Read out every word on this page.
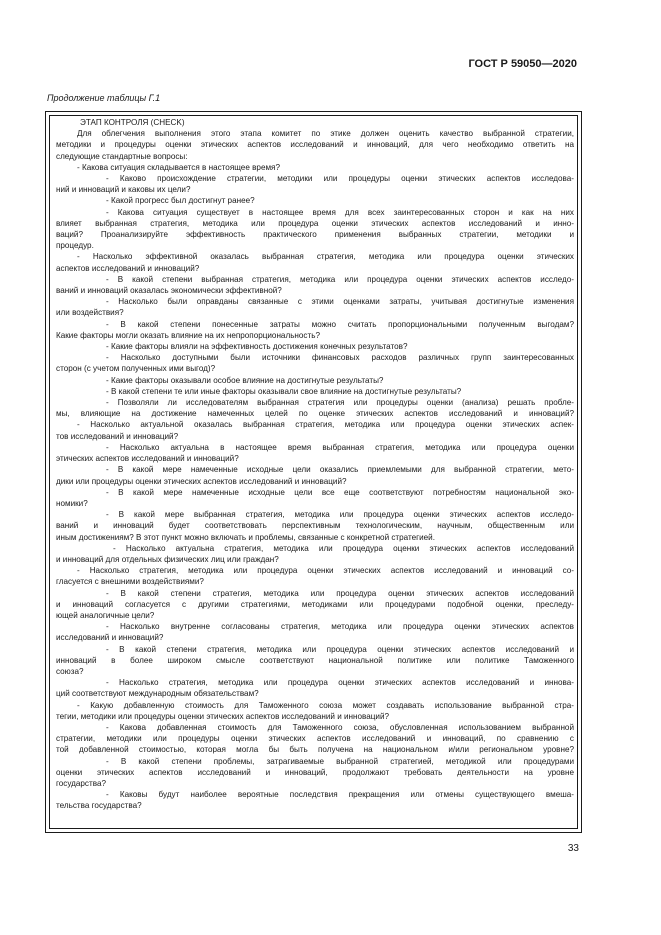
ГОСТ Р 59050—2020
Продолжение таблицы Г.1
ЭТАП КОНТРОЛЯ (CHECK)
Для облегчения выполнения этого этапа комитет по этике должен оценить качество выбранной стратегии,
методики и процедуры оценки этических аспектов исследований и инноваций, для чего необходимо ответить на
следующие стандартные вопросы:
- Какова ситуация складывается в настоящее время?
- Каково происхождение стратегии, методики или процедуры оценки этических аспектов исследова-
ний и инноваций и каковы их цели?
- Какой прогресс был достигнут ранее?
- Какова ситуация существует в настоящее время для всех заинтересованных сторон и как на них
влияет выбранная стратегия, методика или процедура оценки этических аспектов исследований и инно-
ваций? Проанализируйте эффективность практического применения выбранных стратегии, методики и
процедур.
- Насколько эффективной оказалась выбранная стратегия, методика или процедура оценки этических
аспектов исследований и инноваций?
- В какой степени выбранная стратегия, методика или процедура оценки этических аспектов исследо-
ваний и инноваций оказалась экономически эффективной?
- Насколько были оправданы связанные с этими оценками затраты, учитывая достигнутые изменения
или воздействия?
- В какой степени понесенные затраты можно считать пропорциональными полученным выгодам?
Какие факторы могли оказать влияние на их непропорциональность?
- Какие факторы влияли на эффективность достижения конечных результатов?
- Насколько доступными были источники финансовых расходов различных групп заинтересованных
сторон (с учетом полученных ими выгод)?
- Какие факторы оказывали особое влияние на достигнутые результаты?
- В какой степени те или иные факторы оказывали свое влияние на достигнутые результаты?
- Позволяли ли исследователям выбранная стратегия или процедуры оценки (анализа) решать пробле-
мы, влияющие на достижение намеченных целей по оценке этических аспектов исследований и инноваций?
- Насколько актуальной оказалась выбранная стратегия, методика или процедура оценки этических аспек-
тов исследований и инноваций?
- Насколько актуальна в настоящее время выбранная стратегия, методика или процедура оценки
этических аспектов исследований и инноваций?
- В какой мере намеченные исходные цели оказались приемлемыми для выбранной стратегии, мето-
дики или процедуры оценки этических аспектов исследований и инноваций?
- В какой мере намеченные исходные цели все еще соответствуют потребностям национальной эко-
номики?
- В какой мере выбранная стратегия, методика или процедура оценки этических аспектов исследо-
ваний и инноваций будет соответствовать перспективным технологическим, научным, общественным или
иным достижениям? В этот пункт можно включать и проблемы, связанные с конкретной стратегией.
- Насколько актуальна стратегия, методика или процедура оценки этических аспектов исследований
и инноваций для отдельных физических лиц или граждан?
- Насколько стратегия, методика или процедура оценки этических аспектов исследований и инноваций со-
гласуется с внешними воздействиями?
- В какой степени стратегия, методика или процедура оценки этических аспектов исследований
и инноваций согласуется с другими стратегиями, методиками или процедурами подобной оценки, преследу-
ющей аналогичные цели?
- Насколько внутренне согласованы стратегия, методика или процедура оценки этических аспектов
исследований и инноваций?
- В какой степени стратегия, методика или процедура оценки этических аспектов исследований и
инноваций в более широком смысле соответствуют национальной политике или политике Таможенного
союза?
- Насколько стратегия, методика или процедура оценки этических аспектов исследований и иннова-
ций соответствуют международным обязательствам?
- Какую добавленную стоимость для Таможенного союза может создавать использование выбранной стра-
тегии, методики или процедуры оценки этических аспектов исследований и инноваций?
- Какова добавленная стоимость для Таможенного союза, обусловленная использованием выбранной
стратегии, методики или процедуры оценки этических аспектов исследований и инноваций, по сравнению с
той добавленной стоимостью, которая могла бы быть получена на национальном и/или региональном уровне?
- В какой степени проблемы, затрагиваемые выбранной стратегией, методикой или процедурами
оценки этических аспектов исследований и инноваций, продолжают требовать деятельности на уровне
государства?
- Каковы будут наиболее вероятные последствия прекращения или отмены существующего вмеша-
тельства государства?
33
